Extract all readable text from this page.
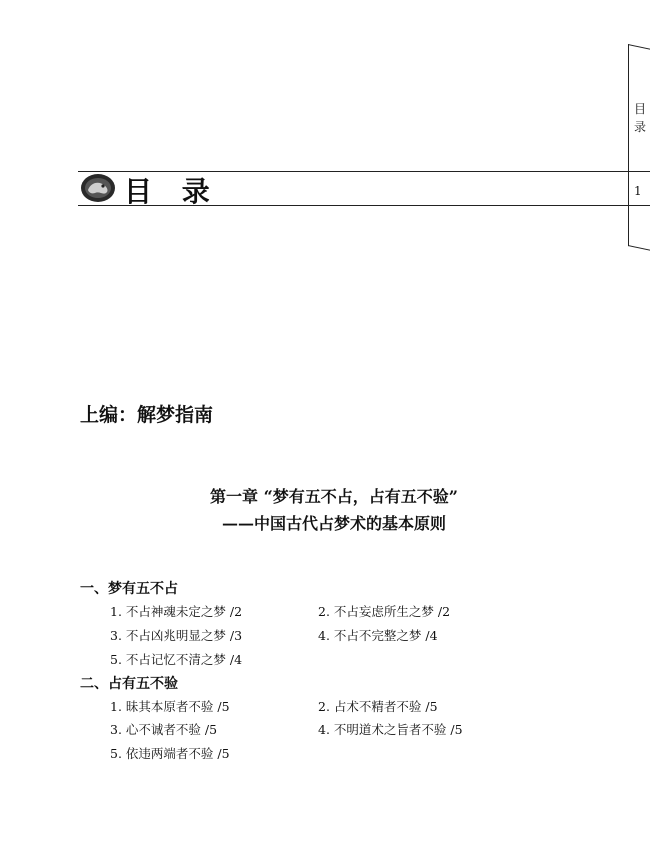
目
录
1
目 录
上编：解梦指南
第一章 “梦有五不占，占有五不验”
——中国古代占梦术的基本原则
一、梦有五不占
1. 不占神魂未定之梦 /2	2. 不占妄虑所生之梦 /2
3. 不占凶兆明显之梦 /3	4. 不占不完整之梦 /4
5. 不占记忆不清之梦 /4
二、占有五不验
1. 昧其本原者不验 /5	2. 占术不精者不验 /5
3. 心不诚者不验 /5	4. 不明道术之旨者不验 /5
5. 依违两端者不验 /5
